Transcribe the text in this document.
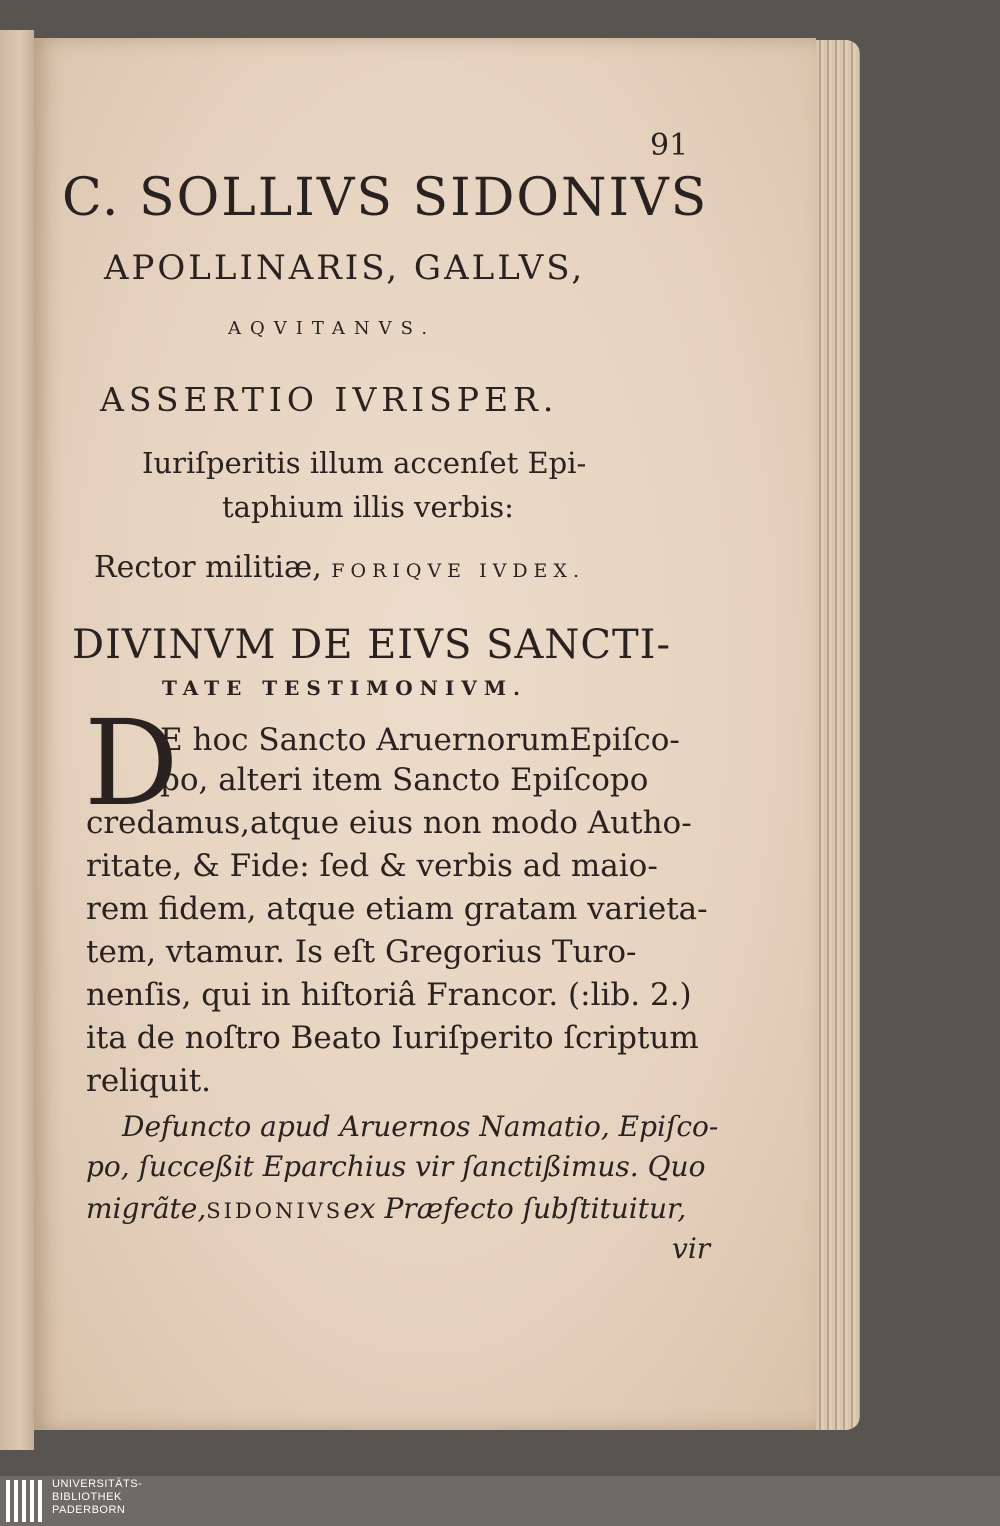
91
C. SOLLIVS SIDONIVS
APOLLINARIS, GALLVS,
AQVITANVS.
ASSERTIO IVRISPER.
Iuriſperitis illum accenſet Epi-
taphium illis verbis:
Rector militiæ, FORIQVE IVDEX.
DIVINVM DE EIVS SANCTI-
TATE TESTIMONIVM.
D
E hoc Sancto AruernorumEpiſco-
po, alteri item Sancto Epiſcopo
credamus,atque eius non modo Autho-
ritate, & Fide: ſed & verbis ad maio-
rem fidem, atque etiam gratam varieta-
tem, vtamur. Is eſt Gregorius Turo-
nenſis, qui in hiſtoriâ Francor. (:lib. 2.)
ita de noſtro Beato Iuriſperito ſcriptum
reliquit.
Defuncto apud Aruernos Namatio, Epiſco-
po, ſucceßit Eparchius vir ſanctißimus. Quo
migrãte,SIDONIVSex Præfecto ſubſtituitur,
vir
UNIVERSITÄTS-
BIBLIOTHEK
PADERBORN
